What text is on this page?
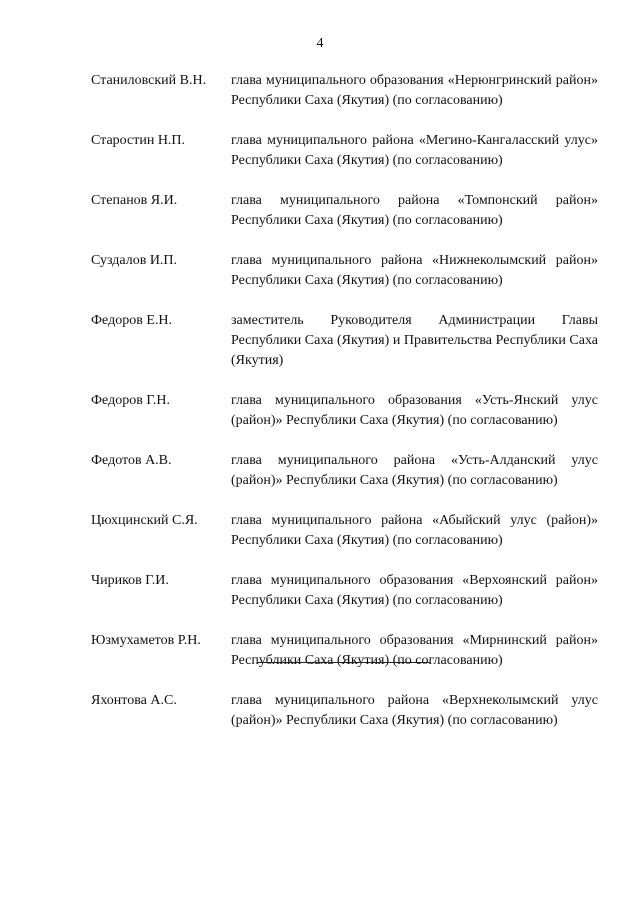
4
Станиловский В.Н.	глава муниципального образования «Нерюнгринский район» Республики Саха (Якутия) (по согласованию)
Старостин Н.П.	глава муниципального района «Мегино-Кангаласский улус» Республики Саха (Якутия) (по согласованию)
Степанов Я.И.	глава муниципального района «Томпонский район» Республики Саха (Якутия) (по согласованию)
Суздалов И.П.	глава муниципального района «Нижнеколымский район» Республики Саха (Якутия) (по согласованию)
Федоров Е.Н.	заместитель Руководителя Администрации Главы Республики Саха (Якутия) и Правительства Республики Саха (Якутия)
Федоров Г.Н.	глава муниципального образования «Усть-Янский улус (район)» Республики Саха (Якутия) (по согласованию)
Федотов А.В.	глава муниципального района «Усть-Алданский улус (район)» Республики Саха (Якутия) (по согласованию)
Цюхцинский С.Я.	глава муниципального района «Абыйский улус (район)» Республики Саха (Якутия) (по согласованию)
Чириков Г.И.	глава муниципального образования «Верхоянский район» Республики Саха (Якутия) (по согласованию)
Юзмухаметов Р.Н.	глава муниципального образования «Мирнинский район» Республики Саха (Якутия) (по согласованию)
Яхонтова А.С.	глава муниципального района «Верхнеколымский улус (район)» Республики Саха (Якутия) (по согласованию)
